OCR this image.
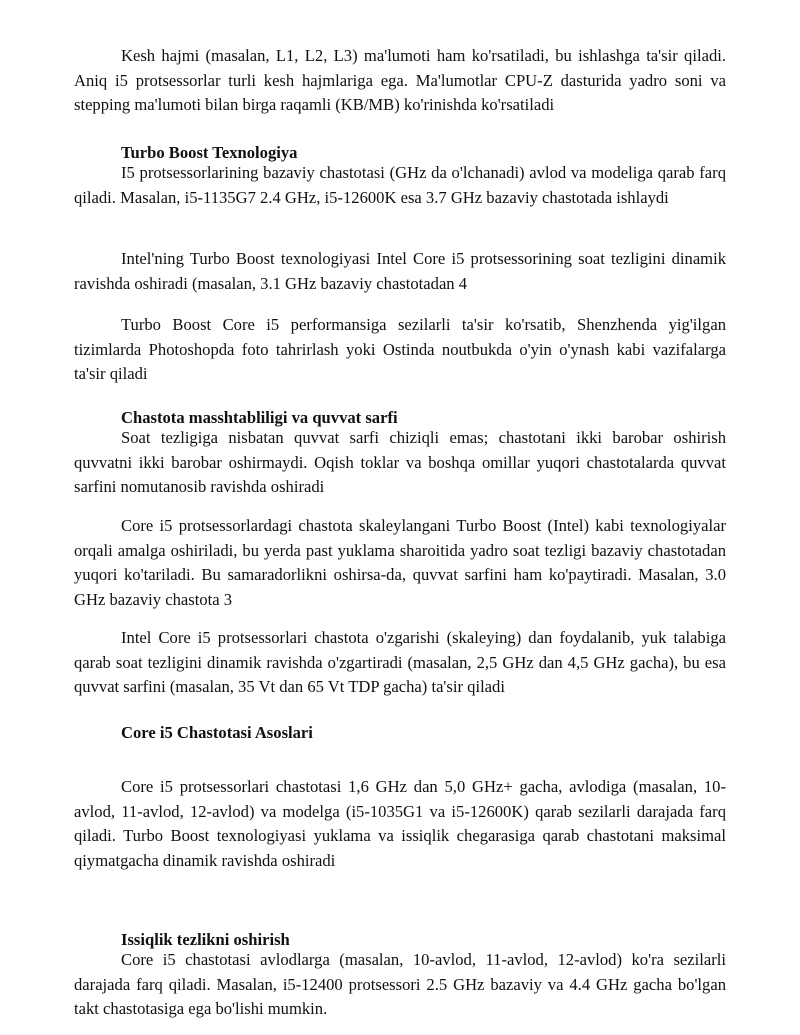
Kesh hajmi (masalan, L1, L2, L3) ma'lumoti ham ko'rsatiladi, bu ishlashga ta'sir qiladi. Aniq i5 protsessorlar turli kesh hajmlariga ega. Ma'lumotlar CPU-Z dasturida yadro soni va stepping ma'lumoti bilan birga raqamli (KB/MB) ko'rinishda ko'rsatiladi

Turbo Boost Texnologiya

I5 protsessorlarining bazaviy chastotasi (GHz da o'lchanadi) avlod va modeliga qarab farq qiladi. Masalan, i5-1135G7 2.4 GHz, i5-12600K esa 3.7 GHz bazaviy chastotada ishlaydi

Intel'ning Turbo Boost texnologiyasi Intel Core i5 protsessorining soat tezligini dinamik ravishda oshiradi (masalan, 3.1 GHz bazaviy chastotadan 4

Turbo Boost Core i5 performansiga sezilarli ta'sir ko'rsatib, Shenzhenda yig'ilgan tizimlarda Photoshopda foto tahrirlash yoki Ostinda noutbukda o'yin o'ynash kabi vazifalarga ta'sir qiladi

Chastota masshtabliligi va quvvat sarfi

Soat tezligiga nisbatan quvvat sarfi chiziqli emas; chastotani ikki barobar oshirish quvvatni ikki barobar oshirmaydi. Oqish toklar va boshqa omillar yuqori chastotalarda quvvat sarfini nomutanosib ravishda oshiradi

Core i5 protsessorlardagi chastota skaleylangani Turbo Boost (Intel) kabi texnologiyalar orqali amalga oshiriladi, bu yerda past yuklama sharoitida yadro soat tezligi bazaviy chastotadan yuqori ko'tariladi. Bu samaradorlikni oshirsa-da, quvvat sarfini ham ko'paytiradi. Masalan, 3.0 GHz bazaviy chastota 3

Intel Core i5 protsessorlari chastota o'zgarishi (skaleying) dan foydalanib, yuk talabiga qarab soat tezligini dinamik ravishda o'zgartiradi (masalan, 2,5 GHz dan 4,5 GHz gacha), bu esa quvvat sarfini (masalan, 35 Vt dan 65 Vt TDP gacha) ta'sir qiladi

Core i5 Chastotasi Asoslari

Core i5 protsessorlari chastotasi 1,6 GHz dan 5,0 GHz+ gacha, avlodiga (masalan, 10-avlod, 11-avlod, 12-avlod) va modelga (i5-1035G1 va i5-12600K) qarab sezilarli darajada farq qiladi. Turbo Boost texnologiyasi yuklama va issiqlik chegarasiga qarab chastotani maksimal qiymatgacha dinamik ravishda oshiradi

Issiqlik tezlikni oshirish

Core i5 chastotasi avlodlarga (masalan, 10-avlod, 11-avlod, 12-avlod) ko'ra sezilarli darajada farq qiladi. Masalan, i5-12400 protsessori 2.5 GHz bazaviy va 4.4 GHz gacha bo'lgan takt chastotasiga ega bo'lishi mumkin.
